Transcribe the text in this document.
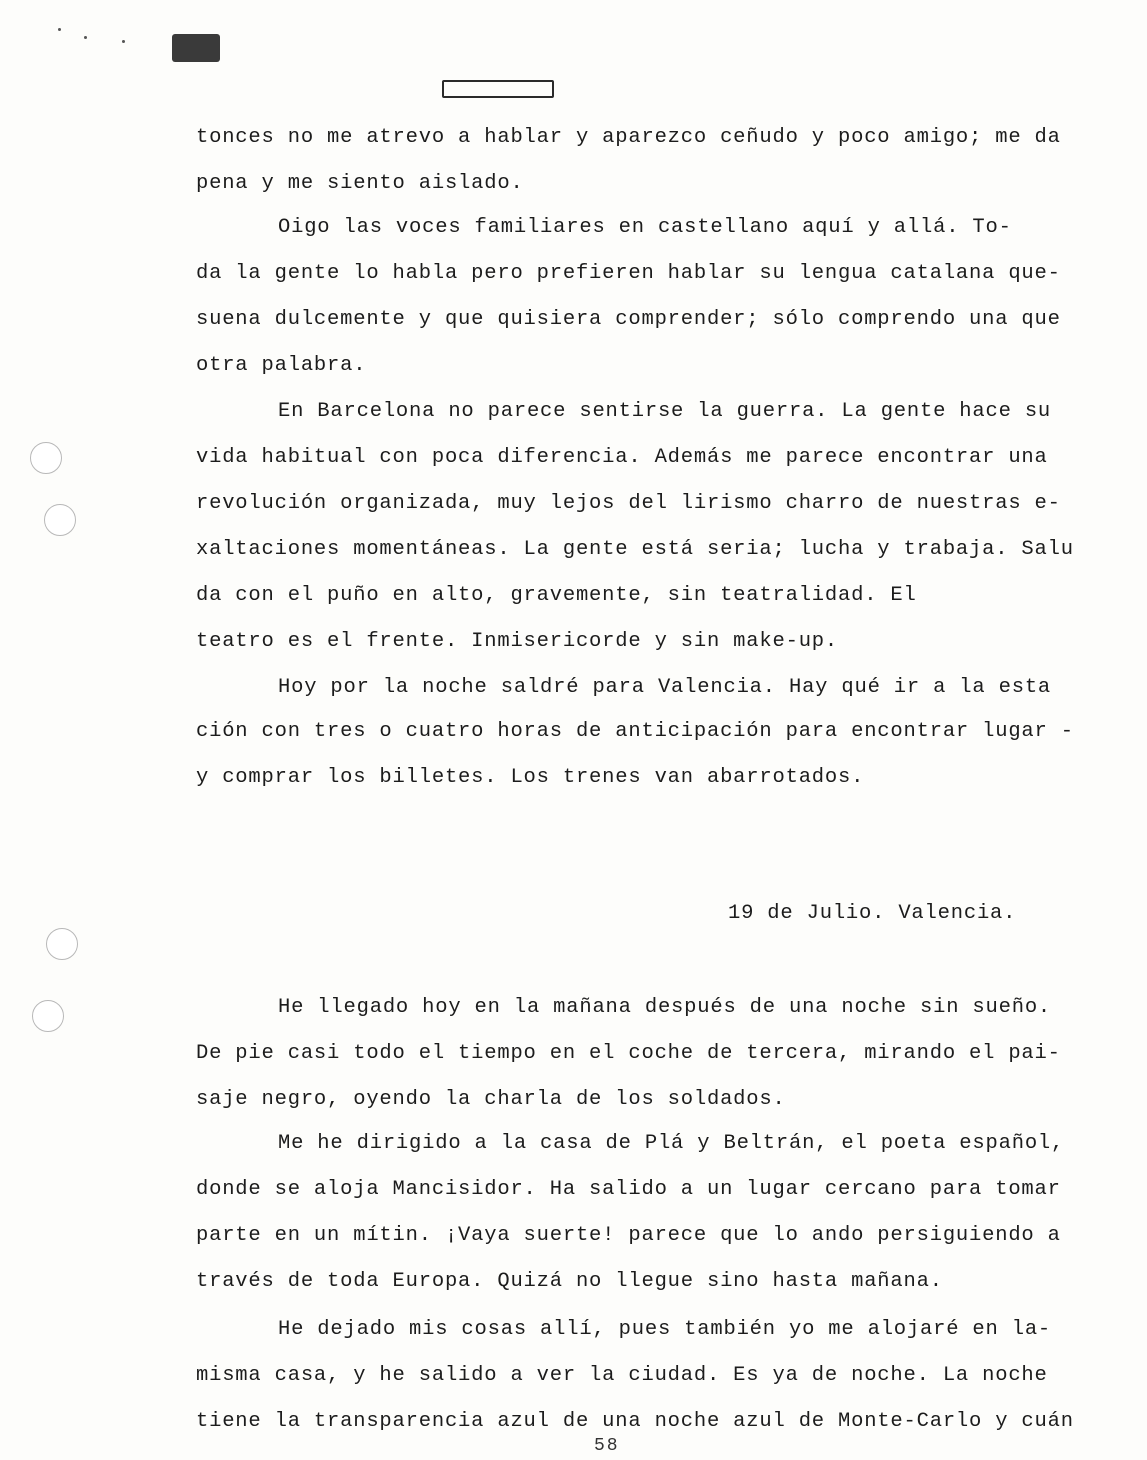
tonces no me atrevo a hablar y aparezco ceñudo y poco amigo; me da
pena y me siento aislado.
Oigo las voces familiares en castellano aquí y allá. To-
da la gente lo habla pero prefieren hablar su lengua catalana que-
suena dulcemente y que quisiera comprender; sólo comprendo una que
otra palabra.
En Barcelona no parece sentirse la guerra. La gente hace su
vida habitual con poca diferencia. Además me parece encontrar una
revolución organizada, muy lejos del lirismo charro de nuestras e-
xaltaciones momentáneas. La gente está seria; lucha y trabaja. Salu
da con el puño en alto, gravemente, sin teatralidad. El
teatro es el frente. Inmisericorde y sin make-up.
Hoy por la noche saldré para Valencia. Hay qué ir a la esta
ción con tres o cuatro horas de anticipación para encontrar lugar -
y comprar los billetes. Los trenes van abarrotados.
19 de Julio. Valencia.
He llegado hoy en la mañana después de una noche sin sueño.
De pie casi todo el tiempo en el coche de tercera, mirando el pai-
saje negro, oyendo la charla de los soldados.
Me he dirigido a la casa de Plá y Beltrán, el poeta español,
donde se aloja Mancisidor. Ha salido a un lugar cercano para tomar
parte en un mítin. ¡Vaya suerte! parece que lo ando persiguiendo a
través de toda Europa. Quizá no llegue sino hasta mañana.
He dejado mis cosas allí, pues también yo me alojaré en la-
misma casa, y he salido a ver la ciudad. Es ya de noche. La noche
tiene la transparencia azul de una noche azul de Monte-Carlo y cuán
58
